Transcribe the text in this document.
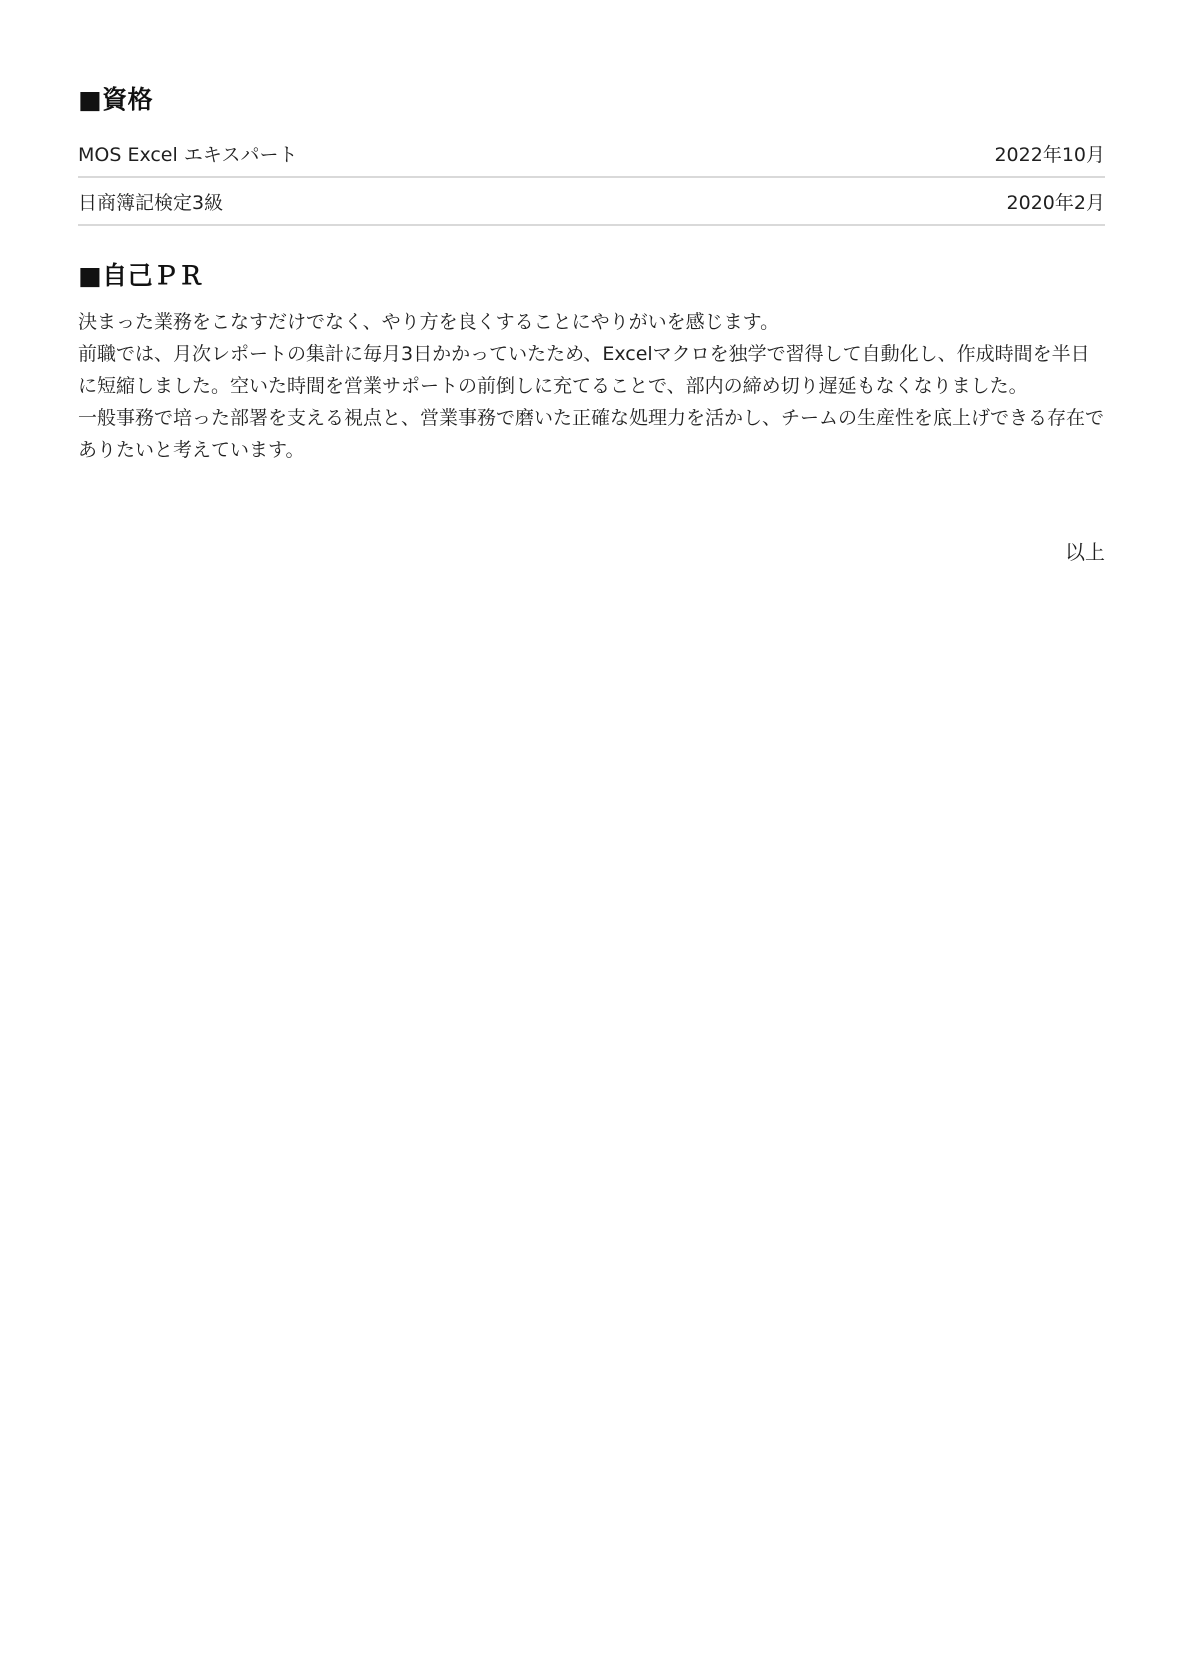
■資格
MOS Excel エキスパート	2022年10月
日商簿記検定3級	2020年2月
■自己ＰＲ

決まった業務をこなすだけでなく、やり方を良くすることにやりがいを感じます。

前職では、月次レポートの集計に毎月3日かかっていたため、Excelマクロを独学で習得して自動化し、作成時間を半日に短縮しました。空いた時間を営業サポートの前倒しに充てることで、部内の締め切り遅延もなくなりました。

一般事務で培った部署を支える視点と、営業事務で磨いた正確な処理力を活かし、チームの生産性を底上げできる存在でありたいと考えています。

以上
